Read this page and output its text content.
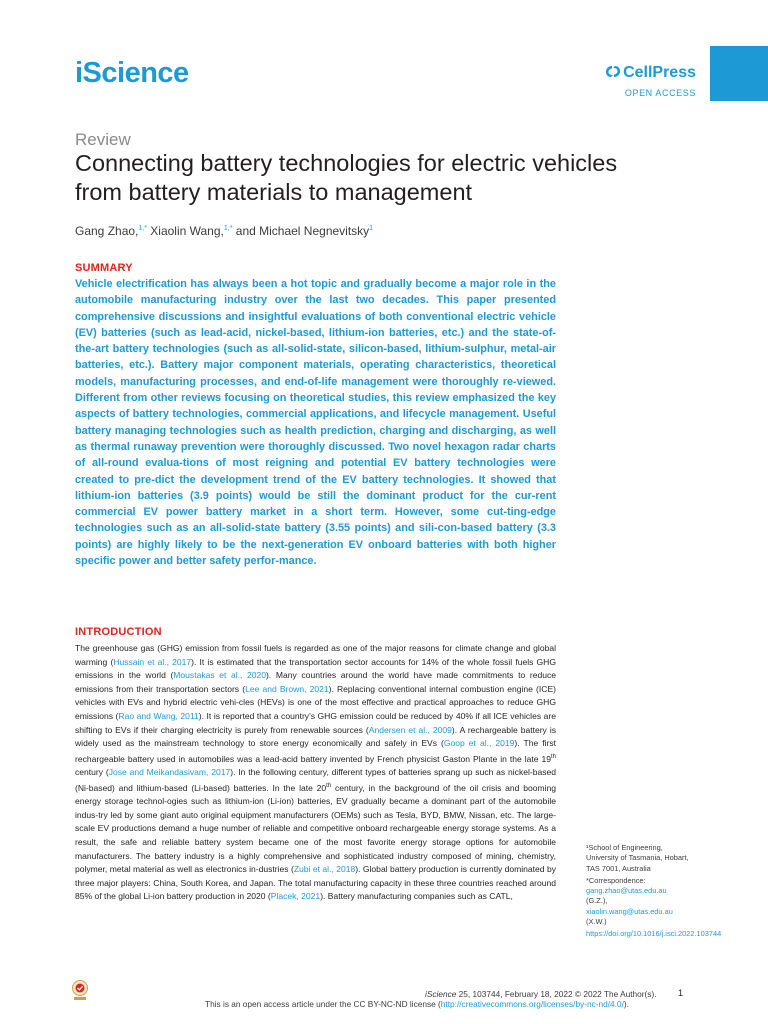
iScience	CellPress
OPEN ACCESS
Review
Connecting battery technologies for electric vehicles from battery materials to management
Gang Zhao,$^{1,*}$ Xiaolin Wang,$^{1,*}$ and Michael Negnevitsky$^1$
SUMMARY

Vehicle electrification has always been a hot topic and gradually become a major role in the automobile manufacturing industry over the last two decades. This paper presented comprehensive discussions and insightful evaluations of both conventional electric vehicle (EV) batteries (such as lead-acid, nickel-based, lithium-ion batteries, etc.) and the state-of-the-art battery technologies (such as all-solid-state, silicon-based, lithium-sulphur, metal-air batteries, etc.). Battery major component materials, operating characteristics, theoretical models, manufacturing processes, and end-of-life management were thoroughly re-viewed. Different from other reviews focusing on theoretical studies, this review emphasized the key aspects of battery technologies, commercial applications, and lifecycle management. Useful battery managing technologies such as health prediction, charging and discharging, as well as thermal runaway prevention were thoroughly discussed. Two novel hexagon radar charts of all-round evalua-tions of most reigning and potential EV battery technologies were created to pre-dict the development trend of the EV battery technologies. It showed that lithium-ion batteries (3.9 points) would be still the dominant product for the cur-rent commercial EV power battery market in a short term. However, some cut-ting-edge technologies such as an all-solid-state battery (3.55 points) and sili-con-based battery (3.3 points) are highly likely to be the next-generation EV onboard batteries with both higher specific power and better safety perfor-mance.

INTRODUCTION

The greenhouse gas (GHG) emission from fossil fuels is regarded as one of the major reasons for climate change and global warming (Hussain et al., 2017). It is estimated that the transportation sector accounts for 14% of the whole fossil fuels GHG emissions in the world (Moustakas et al., 2020). Many countries around the world have made commitments to reduce emissions from their transportation sectors (Lee and Brown, 2021). Replacing conventional internal combustion engine (ICE) vehicles with EVs and hybrid electric vehi-cles (HEVs) is one of the most effective and practical approaches to reduce GHG emissions (Rao and Wang, 2011). It is reported that a country's GHG emission could be reduced by 40% if all ICE vehicles are shifting to EVs if their charging electricity is purely from renewable sources (Andersen et al., 2009). A rechargeable battery is widely used as the mainstream technology to store energy economically and safely in EVs (Goop et al., 2019). The first rechargeable battery used in automobiles was a lead-acid battery invented by French physicist Gaston Plante in the late 19th century (Jose and Meikandasivam, 2017). In the following century, different types of batteries sprang up such as nickel-based (Ni-based) and lithium-based (Li-based) batteries. In the late 20th century, in the background of the oil crisis and booming energy storage technol-ogies such as lithium-ion (Li-ion) batteries, EV gradually became a dominant part of the automobile indus-try led by some giant auto original equipment manufacturers (OEMs) such as Tesla, BYD, BMW, Nissan, etc. The large-scale EV productions demand a huge number of reliable and competitive onboard rechargeable energy storage systems. As a result, the safe and reliable battery system became one of the most favorite energy storage options for automobile manufacturers. The battery industry is a highly comprehensive and sophisticated industry composed of mining, chemistry, polymer, metal material as well as electronics in-dustries (Zubi et al., 2018). Global battery production is currently dominated by three major players: China, South Korea, and Japan. The total manufacturing capacity in these three countries reached around 85% of the global Li-ion battery production in 2020 (Placek, 2021). Battery manufacturing companies such as CATL,

¹School of Engineering, University of Tasmania, Hobart, TAS 7001, Australia

*Correspondence:

gang.zhao@utas.edu.au

(G.Z.),

xiaolin.wang@utas.edu.au

(X.W.)

https://doi.org/10.1016/j.isci.2022.103744

iScience 25, 103744, February 18, 2022 © 2022 The Author(s). 1
This is an open access article under the CC BY-NC-ND license (http://creativecommons.org/licenses/by-nc-nd/4.0/).
